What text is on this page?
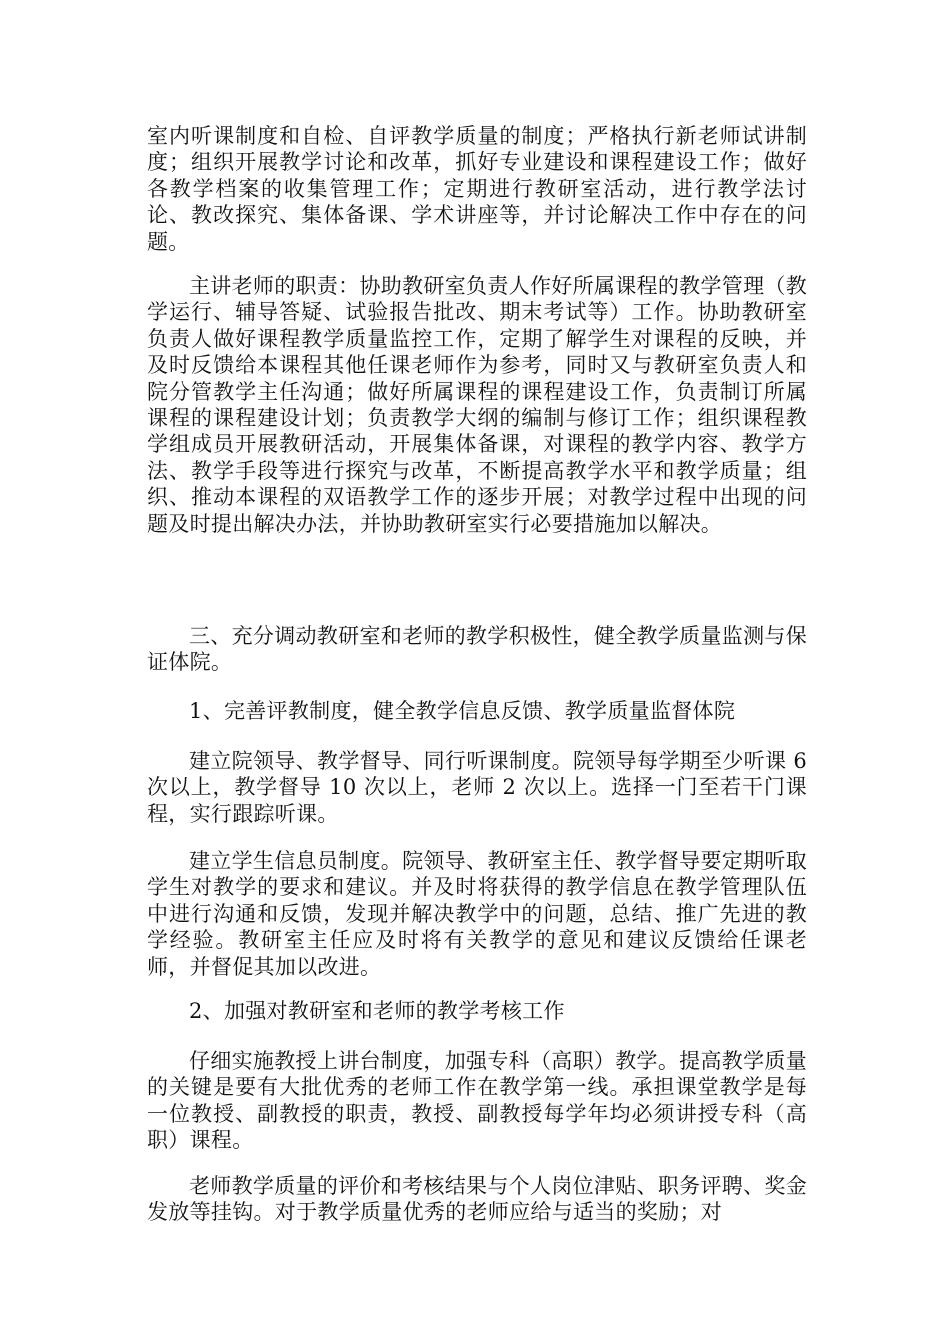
室内听课制度和自检、自评教学质量的制度；严格执行新老师试讲制度；组织开展教学讨论和改革，抓好专业建设和课程建设工作；做好各教学档案的收集管理工作；定期进行教研室活动，进行教学法讨论、教改探究、集体备课、学术讲座等，并讨论解决工作中存在的问题。

主讲老师的职责：协助教研室负责人作好所属课程的教学管理（教学运行、辅导答疑、试验报告批改、期末考试等）工作。协助教研室负责人做好课程教学质量监控工作，定期了解学生对课程的反映，并及时反馈给本课程其他任课老师作为参考，同时又与教研室负责人和院分管教学主任沟通；做好所属课程的课程建设工作，负责制订所属课程的课程建设计划；负责教学大纲的编制与修订工作；组织课程教学组成员开展教研活动，开展集体备课，对课程的教学内容、教学方法、教学手段等进行探究与改革，不断提高教学水平和教学质量；组织、推动本课程的双语教学工作的逐步开展；对教学过程中出现的问题及时提出解决办法，并协助教研室实行必要措施加以解决。

三、充分调动教研室和老师的教学积极性，健全教学质量监测与保证体院。

1、完善评教制度，健全教学信息反馈、教学质量监督体院

建立院领导、教学督导、同行听课制度。院领导每学期至少听课 6 次以上，教学督导 10 次以上，老师 2 次以上。选择一门至若干门课程，实行跟踪听课。

建立学生信息员制度。院领导、教研室主任、教学督导要定期听取学生对教学的要求和建议。并及时将获得的教学信息在教学管理队伍中进行沟通和反馈，发现并解决教学中的问题，总结、推广先进的教学经验。教研室主任应及时将有关教学的意见和建议反馈给任课老师，并督促其加以改进。

2、加强对教研室和老师的教学考核工作

仔细实施教授上讲台制度，加强专科（高职）教学。提高教学质量的关键是要有大批优秀的老师工作在教学第一线。承担课堂教学是每一位教授、副教授的职责，教授、副教授每学年均必须讲授专科（高职）课程。

老师教学质量的评价和考核结果与个人岗位津贴、职务评聘、奖金发放等挂钩。对于教学质量优秀的老师应给与适当的奖励；对
